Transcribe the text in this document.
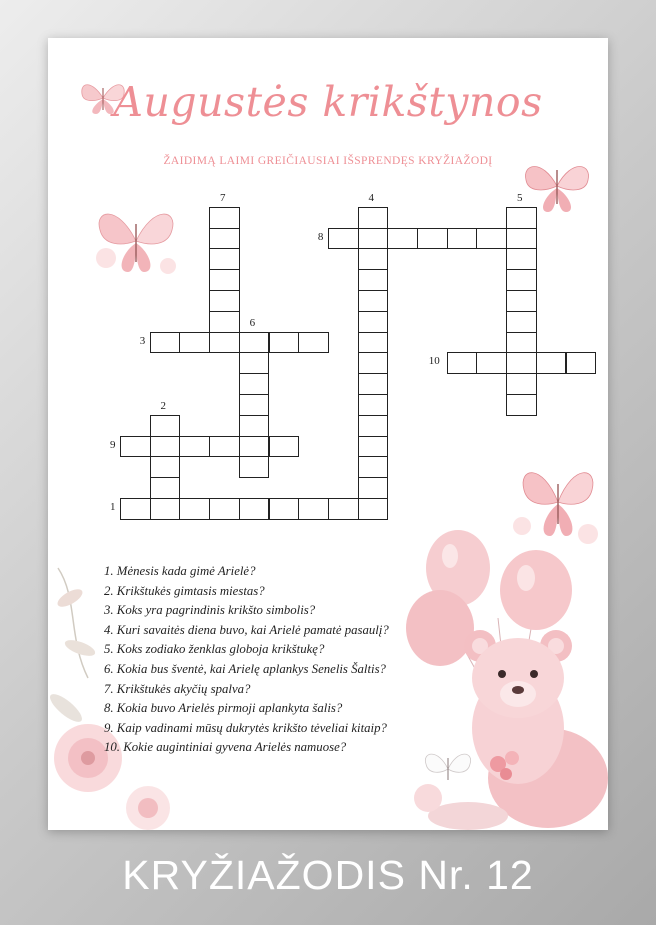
Augustės krikštynos
ŽAIDIMĄ LAIMI GREIČIAUSIAI IŠSPRENDĘS KRYŽIAŽODĮ
1
2
3
4	5
6
7
8
9
10
1. Mėnesis kada gimė Arielė?
2. Krikštukės gimtasis miestas?
3. Koks yra pagrindinis krikšto simbolis?
4. Kuri savaitės diena buvo, kai Arielė pamatė pasaulį?
5. Koks zodiako ženklas globoja krikštukę?
6. Kokia bus šventė, kai Arielę aplankys Senelis Šaltis?
7. Krikštukės akyčių spalva?
8. Kokia buvo Arielės pirmoji aplankyta šalis?
9. Kaip vadinami mūsų dukrytės krikšto tėveliai kitaip?
10. Kokie augintiniai gyvena Arielės namuose?
KRYŽIAŽODIS Nr. 12
